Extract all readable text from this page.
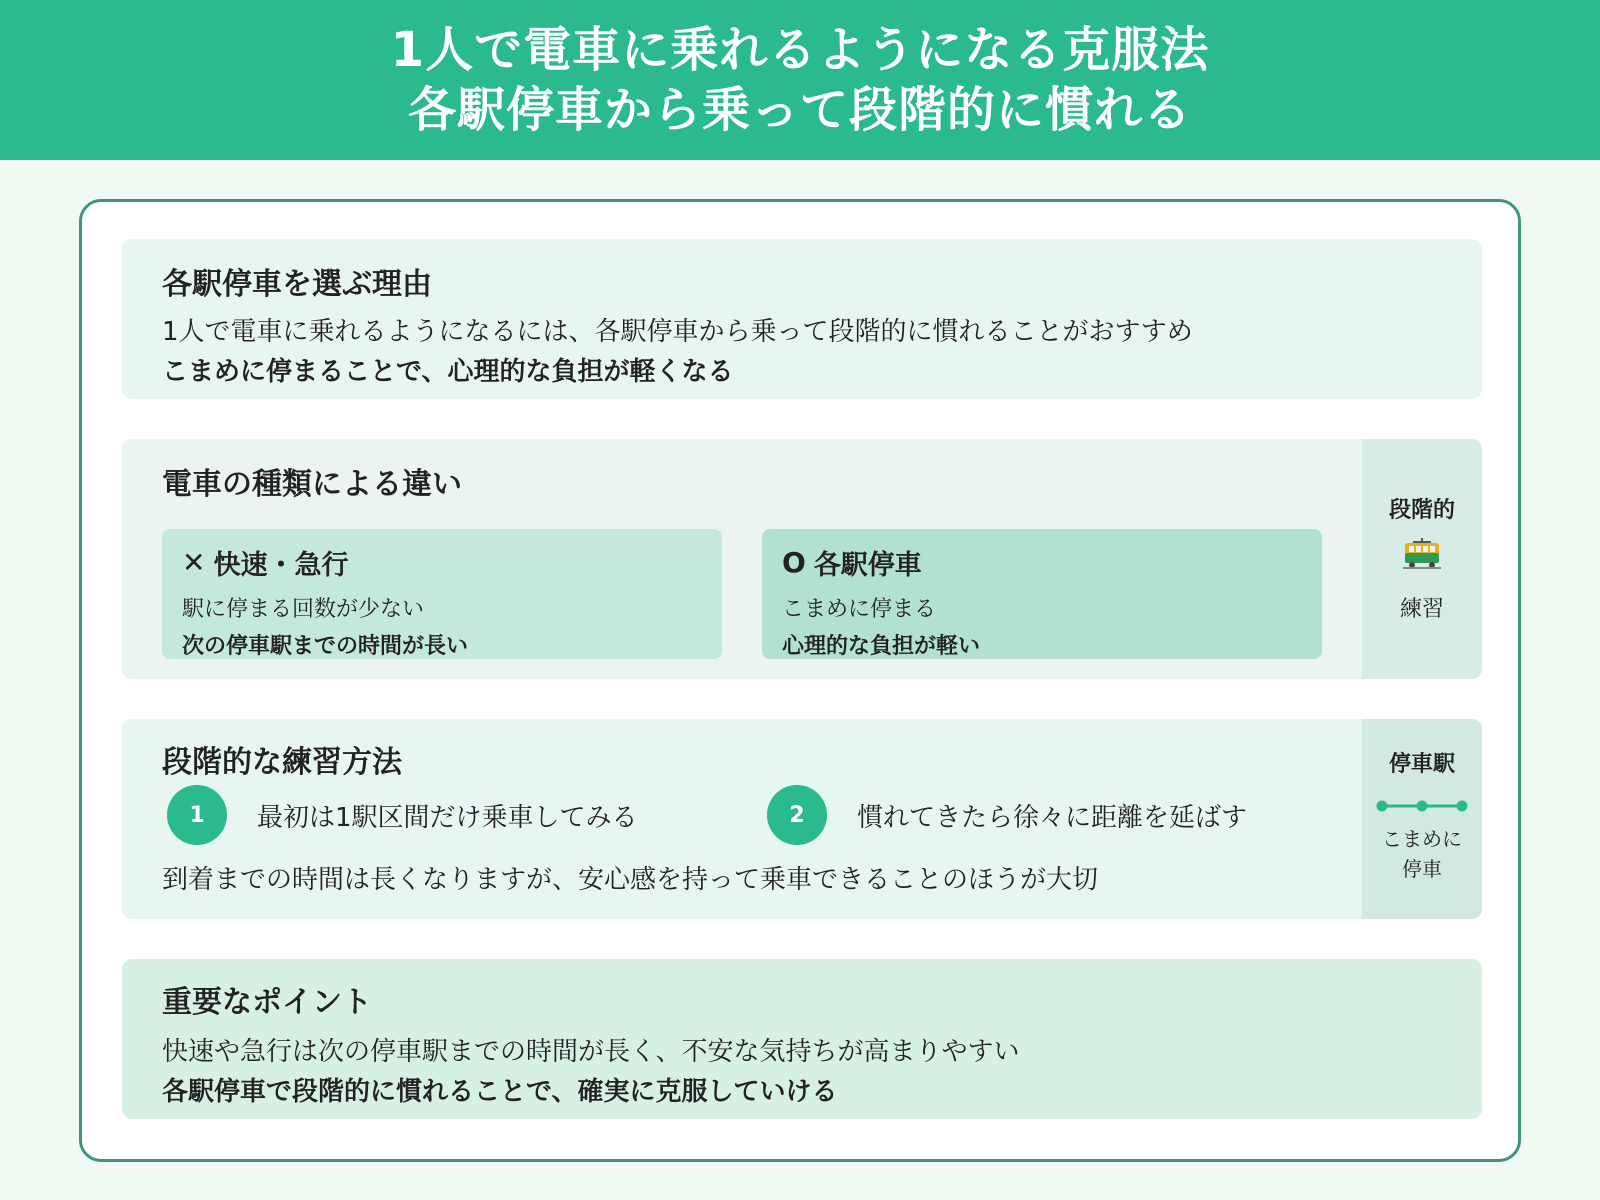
1人で電車に乗れるようになる克服法
各駅停車から乗って段階的に慣れる
各駅停車を選ぶ理由
1人で電車に乗れるようになるには、各駅停車から乗って段階的に慣れることがおすすめ
こまめに停まることで、心理的な負担が軽くなる
電車の種類による違い
✕ 快速・急行
駅に停まる回数が少ない
次の停車駅までの時間が長い
O 各駅停車
こまめに停まる
心理的な負担が軽い
段階的
練習
段階的な練習方法
1	最初は1駅区間だけ乗車してみる	2	慣れてきたら徐々に距離を延ばす
到着までの時間は長くなりますが、安心感を持って乗車できることのほうが大切
停車駅
こまめに停車
重要なポイント
快速や急行は次の停車駅までの時間が長く、不安な気持ちが高まりやすい
各駅停車で段階的に慣れることで、確実に克服していける
